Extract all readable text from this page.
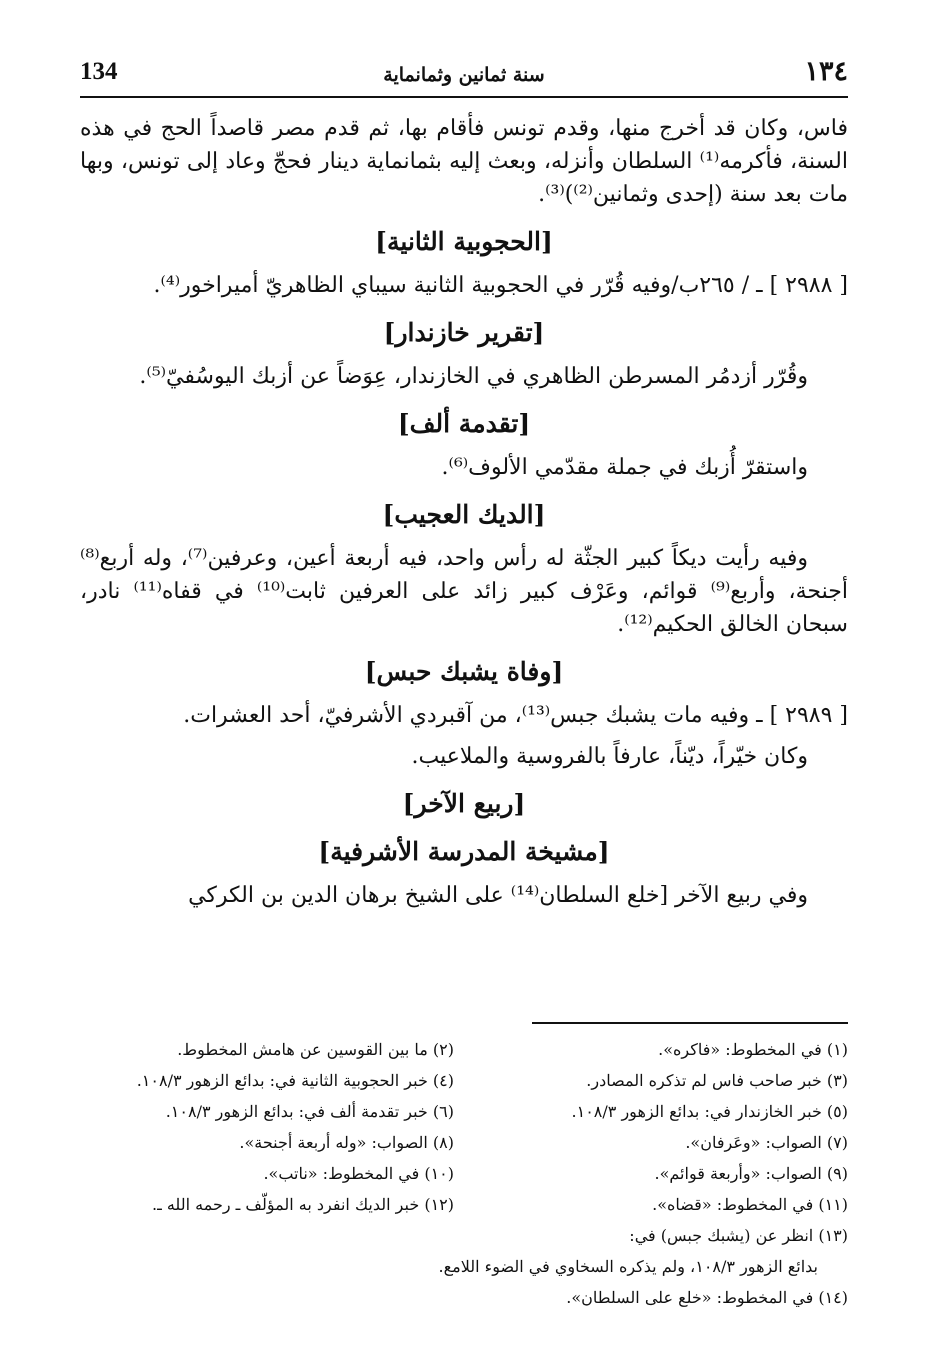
134	سنة ثمانين وثمانماية	١٣٤

فاس، وكان قد أخرج منها، وقدم تونس فأقام بها، ثم قدم مصر قاصداً الحج في هذه السنة، فأكرمه⁽¹⁾ السلطان وأنزله، وبعث إليه بثمانماية دينار فحجّ وعاد إلى تونس، وبها مات بعد سنة (إحدى وثمانين⁽²⁾)⁽³⁾.

[الحجوبية الثانية]

[ ٢٩٨٨ ] ـ / ٢٦٥ب/وفيه قُرّر في الحجوبية الثانية سيباي الظاهريّ أميراخور⁽⁴⁾.

[تقرير خازندار]

وقُرّر أزدمُر المسرطن الظاهري في الخازندار، عِوَضاً عن أزبك اليوسُفيّ⁽⁵⁾.

[تقدمة ألف]

واستقرّ أُزبك في جملة مقدّمي الألوف⁽⁶⁾.

[الديك العجيب]

وفيه رأيت ديكاً كبير الجثّة له رأس واحد، فيه أربعة أعين، وعرفين⁽⁷⁾، وله أربع⁽⁸⁾ أجنحة، وأربع⁽⁹⁾ قوائم، وعَرْف كبير زائد على العرفين ثابت⁽¹⁰⁾ في قفاه⁽¹¹⁾ نادر، سبحان الخالق الحكيم⁽¹²⁾.

[وفاة يشبك حبس]

[ ٢٩٨٩ ] ـ وفيه مات يشبك جبس⁽¹³⁾، من آقبردي الأشرفيّ، أحد العشرات.

وكان خيّراً، ديّناً، عارفاً بالفروسية والملاعيب.

[ربيع الآخر]
[مشيخة المدرسة الأشرفية]

وفي ربيع الآخر [خلع السلطان⁽¹⁴⁾ على الشيخ برهان الدين بن الكركي

(١) في المخطوط: «فاكره».
(٢) ما بين القوسين عن هامش المخطوط.
(٣) خبر صاحب فاس لم تذكره المصادر.
(٤) خبر الحجوبية الثانية في: بدائع الزهور ١٠٨/٣.
(٥) خبر الخازندار في: بدائع الزهور ١٠٨/٣.
(٦) خبر تقدمة ألف في: بدائع الزهور ١٠٨/٣.
(٧) الصواب: «وعَرفان».
(٨) الصواب: «وله أربعة أجنحة».
(٩) الصواب: «وأربعة قوائم».
(١٠) في المخطوط: «ناتب».
(١١) في المخطوط: «قضاه».
(١٢) خبر الديك انفرد به المؤلّف ـ رحمه الله ـ.
(١٣) انظر عن (يشبك جبس) في:
بدائع الزهور ١٠٨/٣، ولم يذكره السخاوي في الضوء اللامع.
(١٤) في المخطوط: «خلع على السلطان».
